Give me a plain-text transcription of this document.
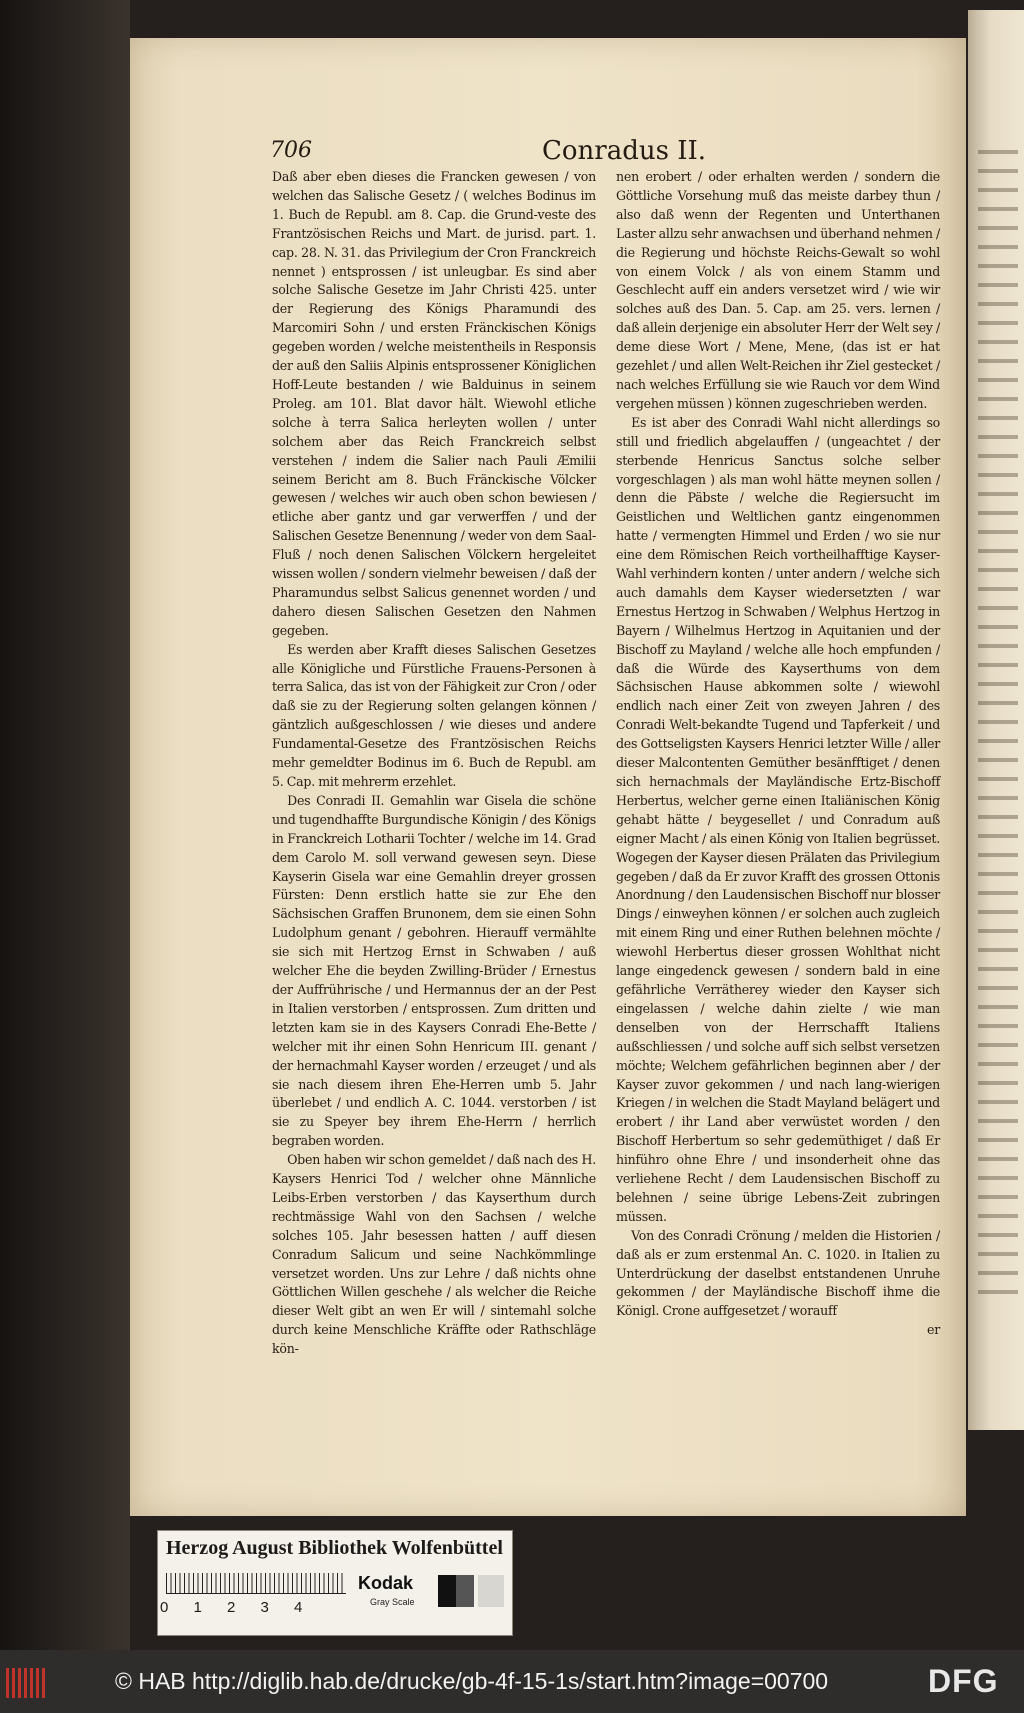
706	Conradus II.

Daß aber eben dieses die Francken gewesen / von welchen das Salische Gesetz / ( welches Bodinus im 1. Buch de Republ. am 8. Cap. die Grund-veste des Frantzösischen Reichs und Mart. de jurisd. part. 1. cap. 28. N. 31. das Privilegium der Cron Franckreich nennet ) entsprossen / ist unleugbar. Es sind aber solche Salische Gesetze im Jahr Christi 425. unter der Regierung des Königs Pharamundi des Marcomiri Sohn / und ersten Fränckischen Königs gegeben worden / welche meistentheils in Responsis der auß den Saliis Alpinis entsprossener Königlichen Hoff-Leute bestanden / wie Balduinus in seinem Proleg. am 101. Blat davor hält. Wiewohl etliche solche à terra Salica herleyten wollen / unter solchem aber das Reich Franckreich selbst verstehen / indem die Salier nach Pauli Æmilii seinem Bericht am 8. Buch Fränckische Völcker gewesen / welches wir auch oben schon bewiesen / etliche aber gantz und gar verwerffen / und der Salischen Gesetze Benennung / weder von dem Saal-Fluß / noch denen Salischen Völckern hergeleitet wissen wollen / sondern vielmehr beweisen / daß der Pharamundus selbst Salicus genennet worden / und dahero diesen Salischen Gesetzen den Nahmen gegeben.

Es werden aber Krafft dieses Salischen Gesetzes alle Königliche und Fürstliche Frauens-Personen à terra Salica, das ist von der Fähigkeit zur Cron / oder daß sie zu der Regierung solten gelangen können / gäntzlich außgeschlossen / wie dieses und andere Fundamental-Gesetze des Frantzösischen Reichs mehr gemeldter Bodinus im 6. Buch de Republ. am 5. Cap. mit mehrerm erzehlet.

Des Conradi II. Gemahlin war Gisela die schöne und tugendhaffte Burgundische Königin / des Königs in Franckreich Lotharii Tochter / welche im 14. Grad dem Carolo M. soll verwand gewesen seyn. Diese Kayserin Gisela war eine Gemahlin dreyer grossen Fürsten: Denn erstlich hatte sie zur Ehe den Sächsischen Graffen Brunonem, dem sie einen Sohn Ludolphum genant / gebohren. Hierauff vermählte sie sich mit Hertzog Ernst in Schwaben / auß welcher Ehe die beyden Zwilling-Brüder / Ernestus der Auffrührische / und Hermannus der an der Pest in Italien verstorben / entsprossen. Zum dritten und letzten kam sie in des Kaysers Conradi Ehe-Bette / welcher mit ihr einen Sohn Henricum III. genant / der hernachmahl Kayser worden / erzeuget / und als sie nach diesem ihren Ehe-Herren umb 5. Jahr überlebet / und endlich A. C. 1044. verstorben / ist sie zu Speyer bey ihrem Ehe-Herrn / herrlich begraben worden.

Oben haben wir schon gemeldet / daß nach des H. Kaysers Henrici Tod / welcher ohne Männliche Leibs-Erben verstorben / das Kayserthum durch rechtmässige Wahl von den Sachsen / welche solches 105. Jahr besessen hatten / auff diesen Conradum Salicum und seine Nachkömmlinge versetzet worden. Uns zur Lehre / daß nichts ohne Göttlichen Willen geschehe / als welcher die Reiche dieser Welt gibt an wen Er will / sintemahl solche durch keine Menschliche Kräffte oder Rathschläge kön-

nen erobert / oder erhalten werden / sondern die Göttliche Vorsehung muß das meiste darbey thun / also daß wenn der Regenten und Unterthanen Laster allzu sehr anwachsen und überhand nehmen / die Regierung und höchste Reichs-Gewalt so wohl von einem Volck / als von einem Stamm und Geschlecht auff ein anders versetzet wird / wie wir solches auß des Dan. 5. Cap. am 25. vers. lernen / daß allein derjenige ein absoluter Herr der Welt sey / deme diese Wort / Mene, Mene, (das ist er hat gezehlet / und allen Welt-Reichen ihr Ziel gestecket / nach welches Erfüllung sie wie Rauch vor dem Wind vergehen müssen ) können zugeschrieben werden.

Es ist aber des Conradi Wahl nicht allerdings so still und friedlich abgelauffen / (ungeachtet / der sterbende Henricus Sanctus solche selber vorgeschlagen ) als man wohl hätte meynen sollen / denn die Päbste / welche die Regiersucht im Geistlichen und Weltlichen gantz eingenommen hatte / vermengten Himmel und Erden / wo sie nur eine dem Römischen Reich vortheilhafftige Kayser-Wahl verhindern konten / unter andern / welche sich auch damahls dem Kayser wiedersetzten / war Ernestus Hertzog in Schwaben / Welphus Hertzog in Bayern / Wilhelmus Hertzog in Aquitanien und der Bischoff zu Mayland / welche alle hoch empfunden / daß die Würde des Kayserthums von dem Sächsischen Hause abkommen solte / wiewohl endlich nach einer Zeit von zweyen Jahren / des Conradi Welt-bekandte Tugend und Tapferkeit / und des Gottseligsten Kaysers Henrici letzter Wille / aller dieser Malcontenten Gemüther besänfftiget / denen sich hernachmals der Mayländische Ertz-Bischoff Herbertus, welcher gerne einen Italiänischen König gehabt hätte / beygesellet / und Conradum auß eigner Macht / als einen König von Italien begrüsset. Wogegen der Kayser diesen Prälaten das Privilegium gegeben / daß da Er zuvor Krafft des grossen Ottonis Anordnung / den Laudensischen Bischoff nur blosser Dings / einweyhen können / er solchen auch zugleich mit einem Ring und einer Ruthen belehnen möchte / wiewohl Herbertus dieser grossen Wohlthat nicht lange eingedenck gewesen / sondern bald in eine gefährliche Verrätherey wieder den Kayser sich eingelassen / welche dahin zielte / wie man denselben von der Herrschafft Italiens außschliessen / und solche auff sich selbst versetzen möchte; Welchem gefährlichen beginnen aber / der Kayser zuvor gekommen / und nach lang-wierigen Kriegen / in welchen die Stadt Mayland belägert und erobert / ihr Land aber verwüstet worden / den Bischoff Herbertum so sehr gedemüthiget / daß Er hinführo ohne Ehre / und insonderheit ohne das verliehene Recht / dem Laudensischen Bischoff zu belehnen / seine übrige Lebens-Zeit zubringen müssen.

Von des Conradi Crönung / melden die Historien / daß als er zum erstenmal An. C. 1020. in Italien zu Unterdrückung der daselbst entstandenen Unruhe gekommen / der Mayländische Bischoff ihme die Königl. Crone auffgesetzet / worauff

er

Herzog August Bibliothek Wolfenbüttel
0 1 2 3 4
Kodak
Gray Scale
© HAB http://diglib.hab.de/drucke/gb-4f-15-1s/start.htm?image=00700	DFG
